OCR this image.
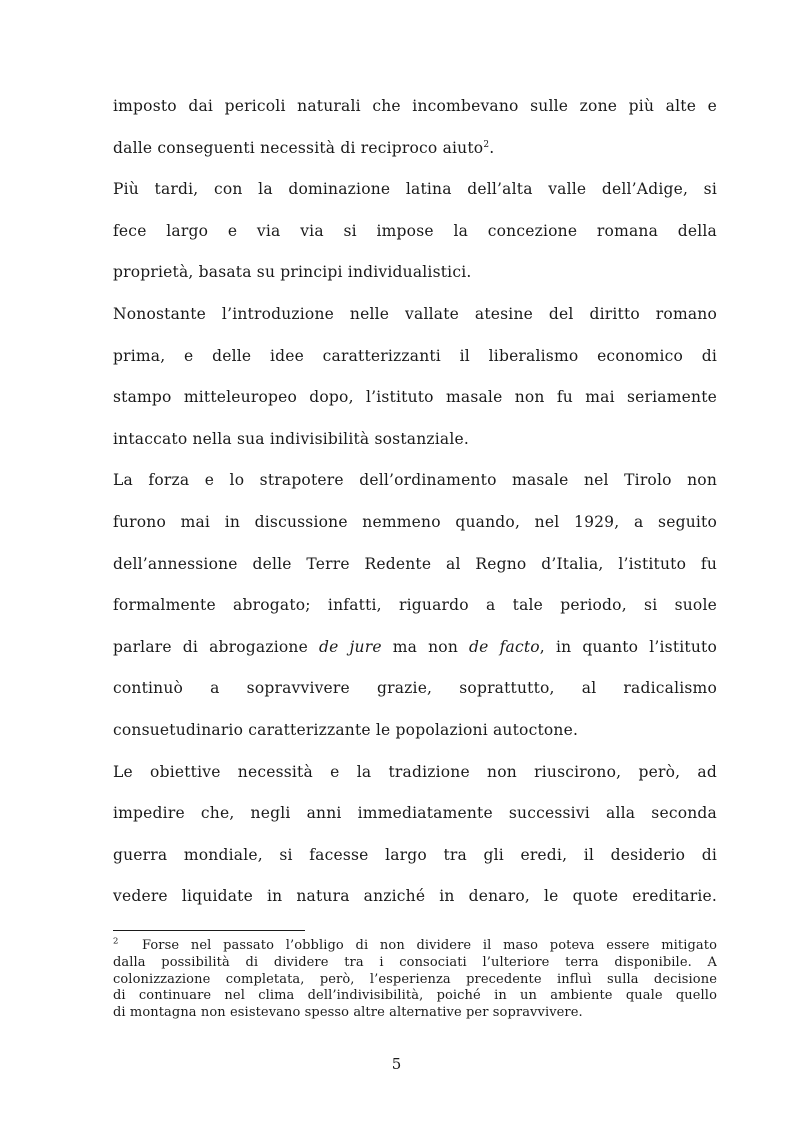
imposto dai pericoli naturali che incombevano sulle zone più alte e
dalle conseguenti necessità di reciproco aiuto$^2$.
Più tardi, con la dominazione latina dell’alta valle dell’Adige, si
fece largo e via via si impose la concezione romana della
proprietà, basata su principi individualistici.
Nonostante l’introduzione nelle vallate atesine del diritto romano
prima, e delle idee caratterizzanti il liberalismo economico di
stampo mitteleuropeo dopo, l’istituto masale non fu mai seriamente
intaccato nella sua indivisibilità sostanziale.
La forza e lo strapotere dell’ordinamento masale nel Tirolo non
furono mai in discussione nemmeno quando, nel 1929, a seguito
dell’annessione delle Terre Redente al Regno d’Italia, l’istituto fu
formalmente abrogato; infatti, riguardo a tale periodo, si suole
parlare di abrogazione de jure ma non de facto, in quanto l’istituto
continuò a sopravvivere grazie, soprattutto, al radicalismo
consuetudinario caratterizzante le popolazioni autoctone.
Le obiettive necessità e la tradizione non riuscirono, però, ad
impedire che, negli anni immediatamente successivi alla seconda
guerra mondiale, si facesse largo tra gli eredi, il desiderio di
vedere liquidate in natura anziché in denaro, le quote ereditarie.
$^2$ Forse nel passato l’obbligo di non dividere il maso poteva essere mitigato
dalla possibilità di dividere tra i consociati l’ulteriore terra disponibile. A
colonizzazione completata, però, l’esperienza precedente influì sulla decisione
di continuare nel clima dell’indivisibilità, poiché in un ambiente quale quello
di montagna non esistevano spesso altre alternative per sopravvivere.
5
